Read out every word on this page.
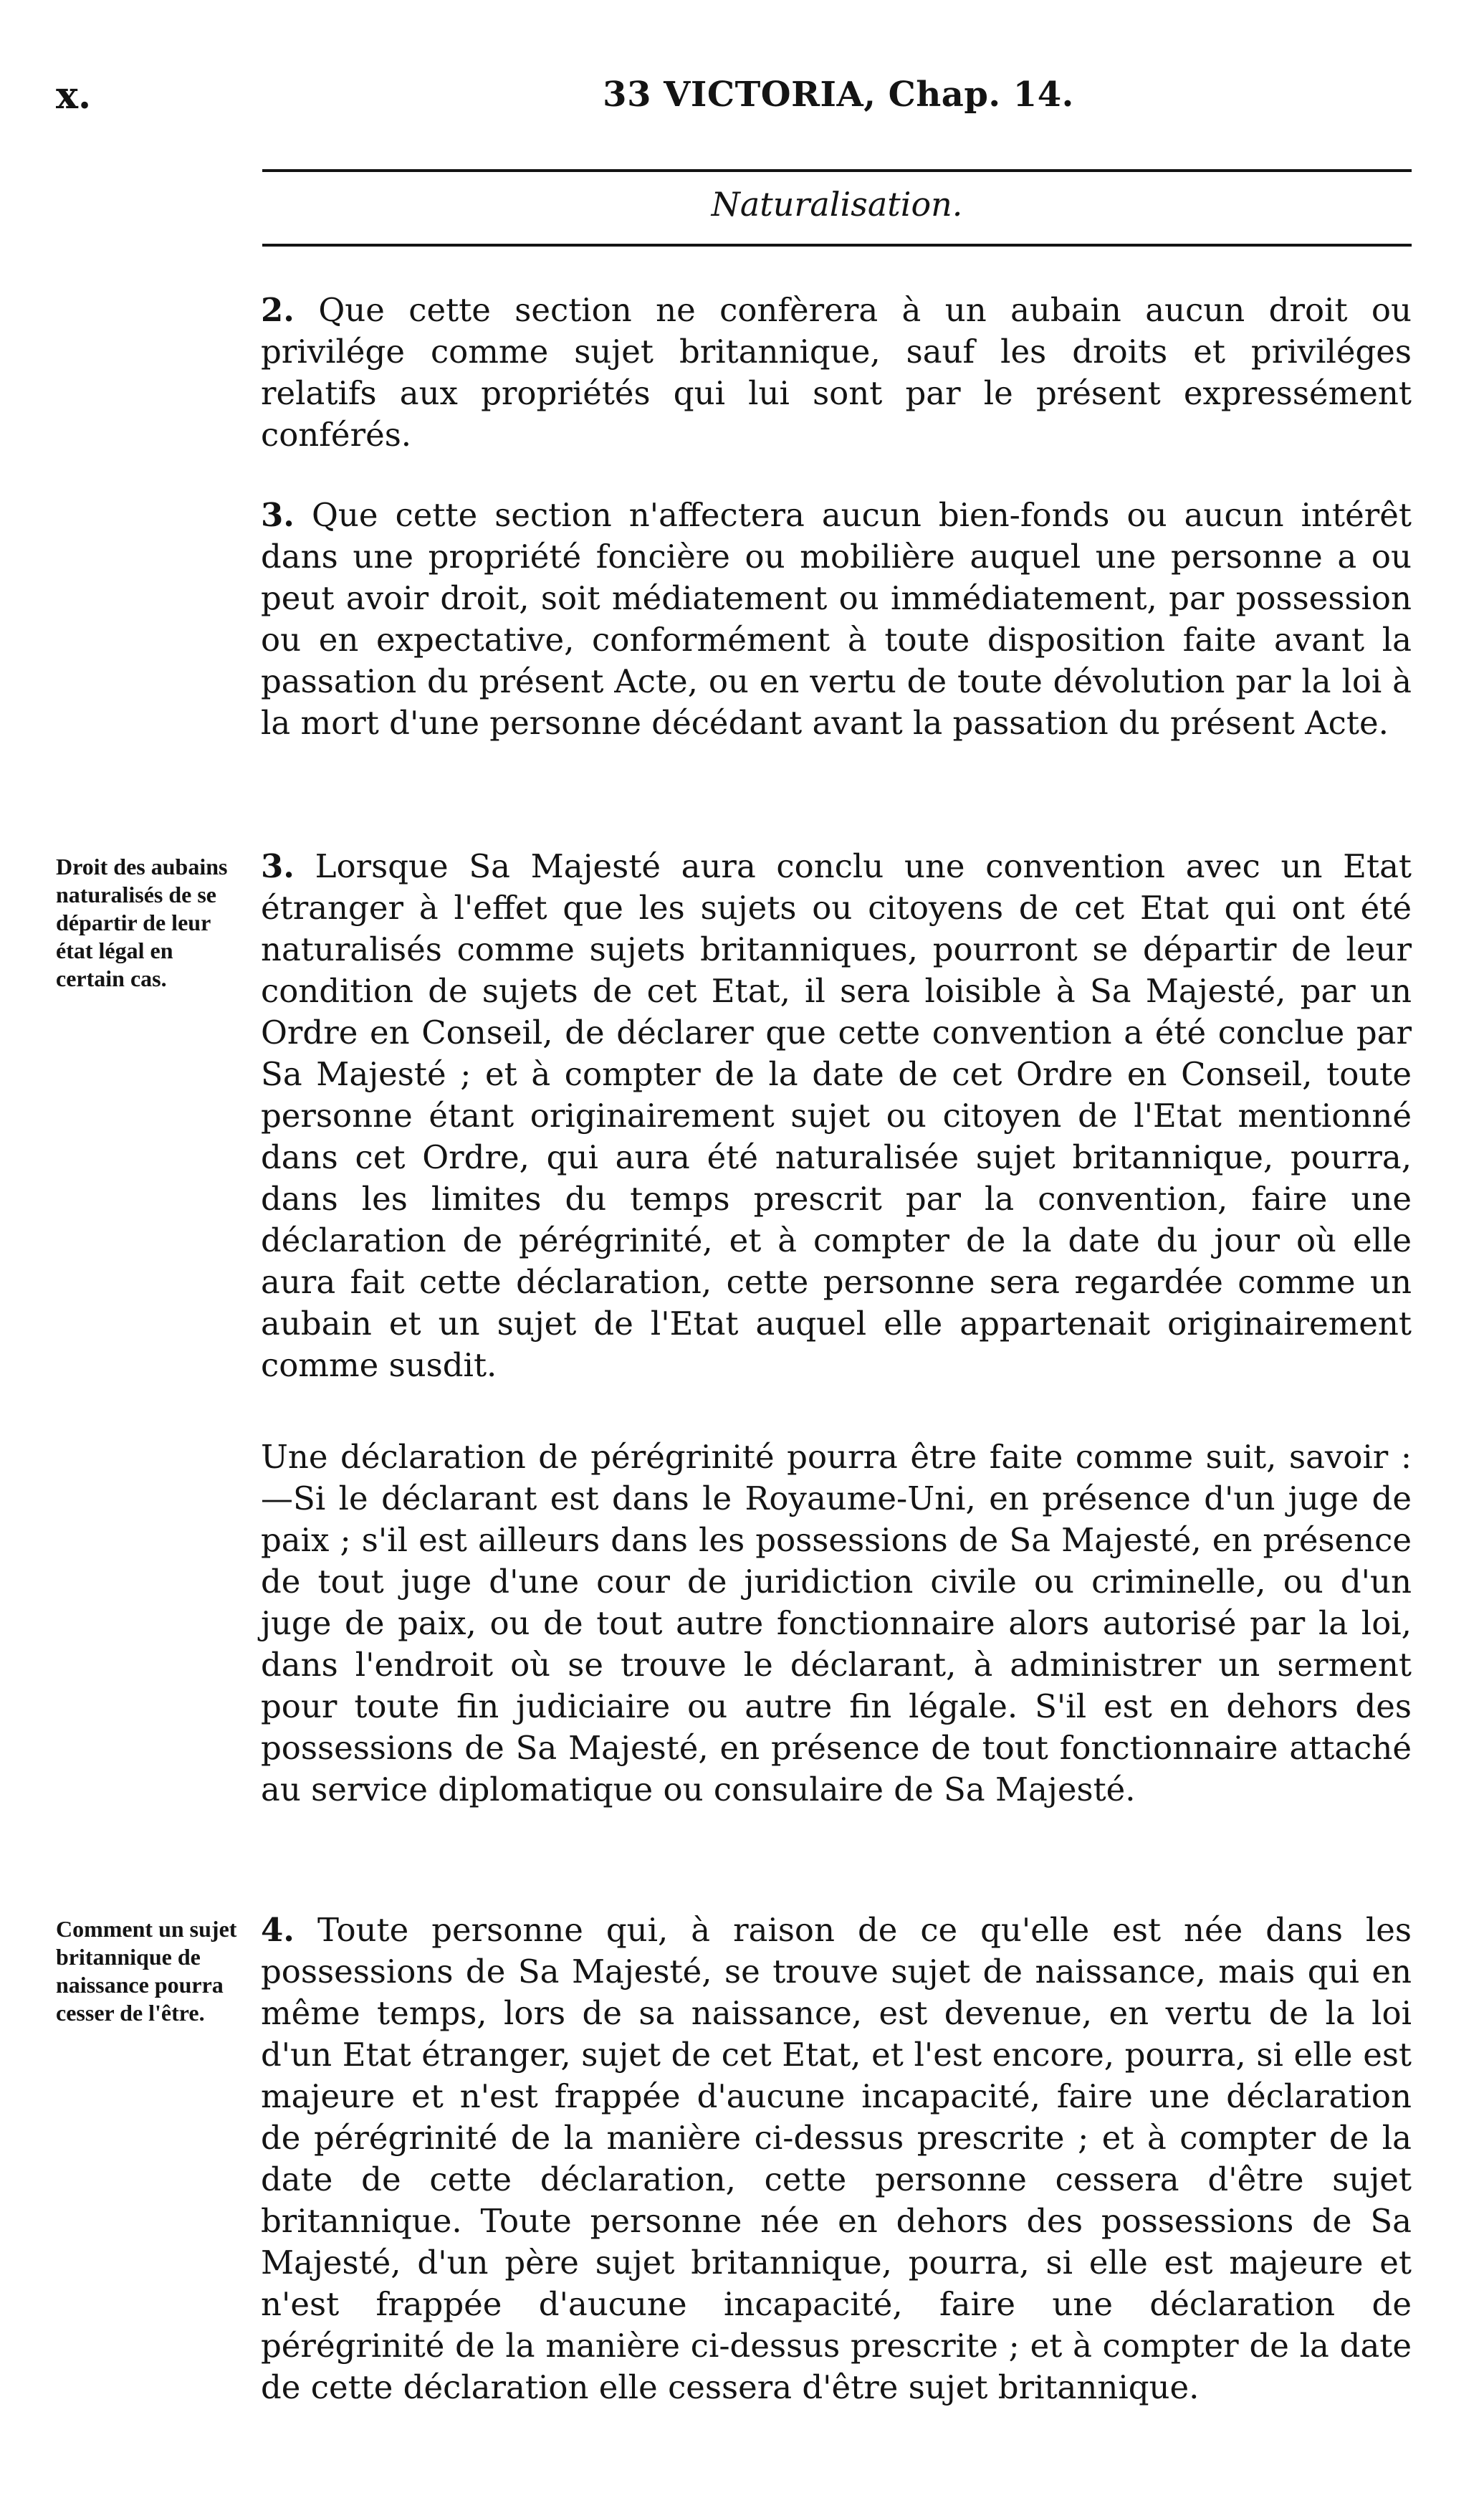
x.	33 VICTORIA, Chap. 14.
Naturalisation.
Droit des aubains naturalisés de se départir de leur état légal en certain cas.
Comment un sujet britannique de naissance pourra cesser de l'être.

2. Que cette section ne confèrera à un aubain aucun droit ou privilége comme sujet britannique, sauf les droits et priviléges relatifs aux propriétés qui lui sont par le présent expressément conférés.

3. Que cette section n'affectera aucun bien-fonds ou aucun intérêt dans une propriété foncière ou mobilière auquel une personne a ou peut avoir droit, soit médiatement ou immédiatement, par possession ou en expectative, conformément à toute disposition faite avant la passation du présent Acte, ou en vertu de toute dévolution par la loi à la mort d'une personne décédant avant la passation du présent Acte.

3. Lorsque Sa Majesté aura conclu une convention avec un Etat étranger à l'effet que les sujets ou citoyens de cet Etat qui ont été naturalisés comme sujets britanniques, pourront se départir de leur condition de sujets de cet Etat, il sera loisible à Sa Majesté, par un Ordre en Conseil, de déclarer que cette convention a été conclue par Sa Majesté ; et à compter de la date de cet Ordre en Conseil, toute personne étant originairement sujet ou citoyen de l'Etat mentionné dans cet Ordre, qui aura été naturalisée sujet britannique, pourra, dans les limites du temps prescrit par la convention, faire une déclaration de pérégrinité, et à compter de la date du jour où elle aura fait cette déclaration, cette personne sera regardée comme un aubain et un sujet de l'Etat auquel elle appartenait originairement comme susdit.

Une déclaration de pérégrinité pourra être faite comme suit, savoir :—Si le déclarant est dans le Royaume-Uni, en présence d'un juge de paix ; s'il est ailleurs dans les possessions de Sa Majesté, en présence de tout juge d'une cour de juridiction civile ou criminelle, ou d'un juge de paix, ou de tout autre fonctionnaire alors autorisé par la loi, dans l'endroit où se trouve le déclarant, à administrer un serment pour toute fin judiciaire ou autre fin légale. S'il est en dehors des possessions de Sa Majesté, en présence de tout fonctionnaire attaché au service diplomatique ou consulaire de Sa Majesté.

4. Toute personne qui, à raison de ce qu'elle est née dans les possessions de Sa Majesté, se trouve sujet de naissance, mais qui en même temps, lors de sa naissance, est devenue, en vertu de la loi d'un Etat étranger, sujet de cet Etat, et l'est encore, pourra, si elle est majeure et n'est frappée d'aucune incapacité, faire une déclaration de pérégrinité de la manière ci-dessus prescrite ; et à compter de la date de cette déclaration, cette personne cessera d'être sujet britannique. Toute personne née en dehors des possessions de Sa Majesté, d'un père sujet britannique, pourra, si elle est majeure et n'est frappée d'aucune incapacité, faire une déclaration de pérégrinité de la manière ci-dessus prescrite ; et à compter de la date de cette déclaration elle cessera d'être sujet britannique.
